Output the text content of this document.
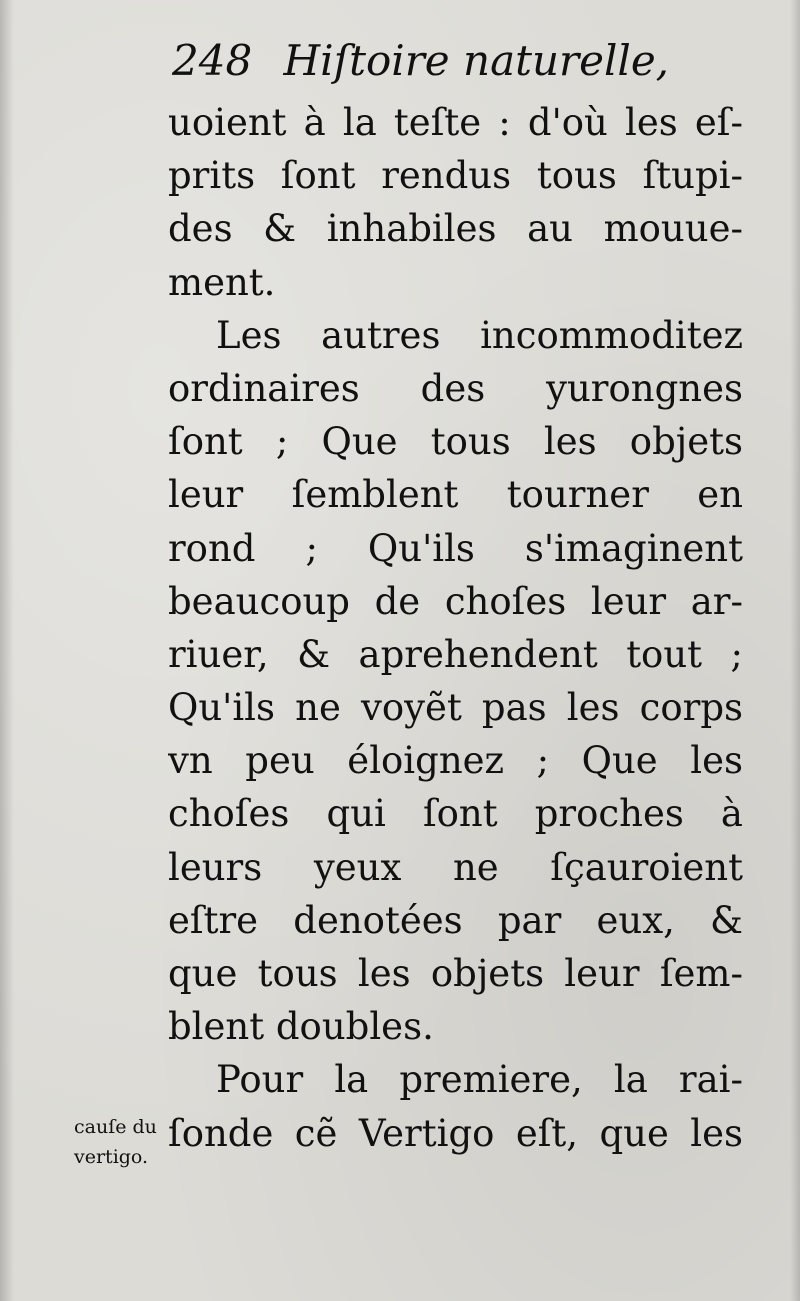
248 Hiſtoire naturelle,
uoient à la teſte : d'où les eſ-
prits ſont rendus tous ſtupi-
des & inhabiles au mouue-
ment.
Les autres incommoditez
ordinaires des yurongnes
ſont ; Que tous les objets
leur ſemblent tourner en
rond ; Qu'ils s'imaginent
beaucoup de choſes leur ar-
riuer, & aprehendent tout ;
Qu'ils ne voyẽt pas les corps
vn peu éloignez ; Que les
choſes qui ſont proches à
leurs yeux ne ſçauroient
eſtre denotées par eux, &
que tous les objets leur ſem-
blent doubles.
Pour la premiere, la rai-
ſonde cẽ Vertigo eſt, que les
cauſe du
vertigo.
